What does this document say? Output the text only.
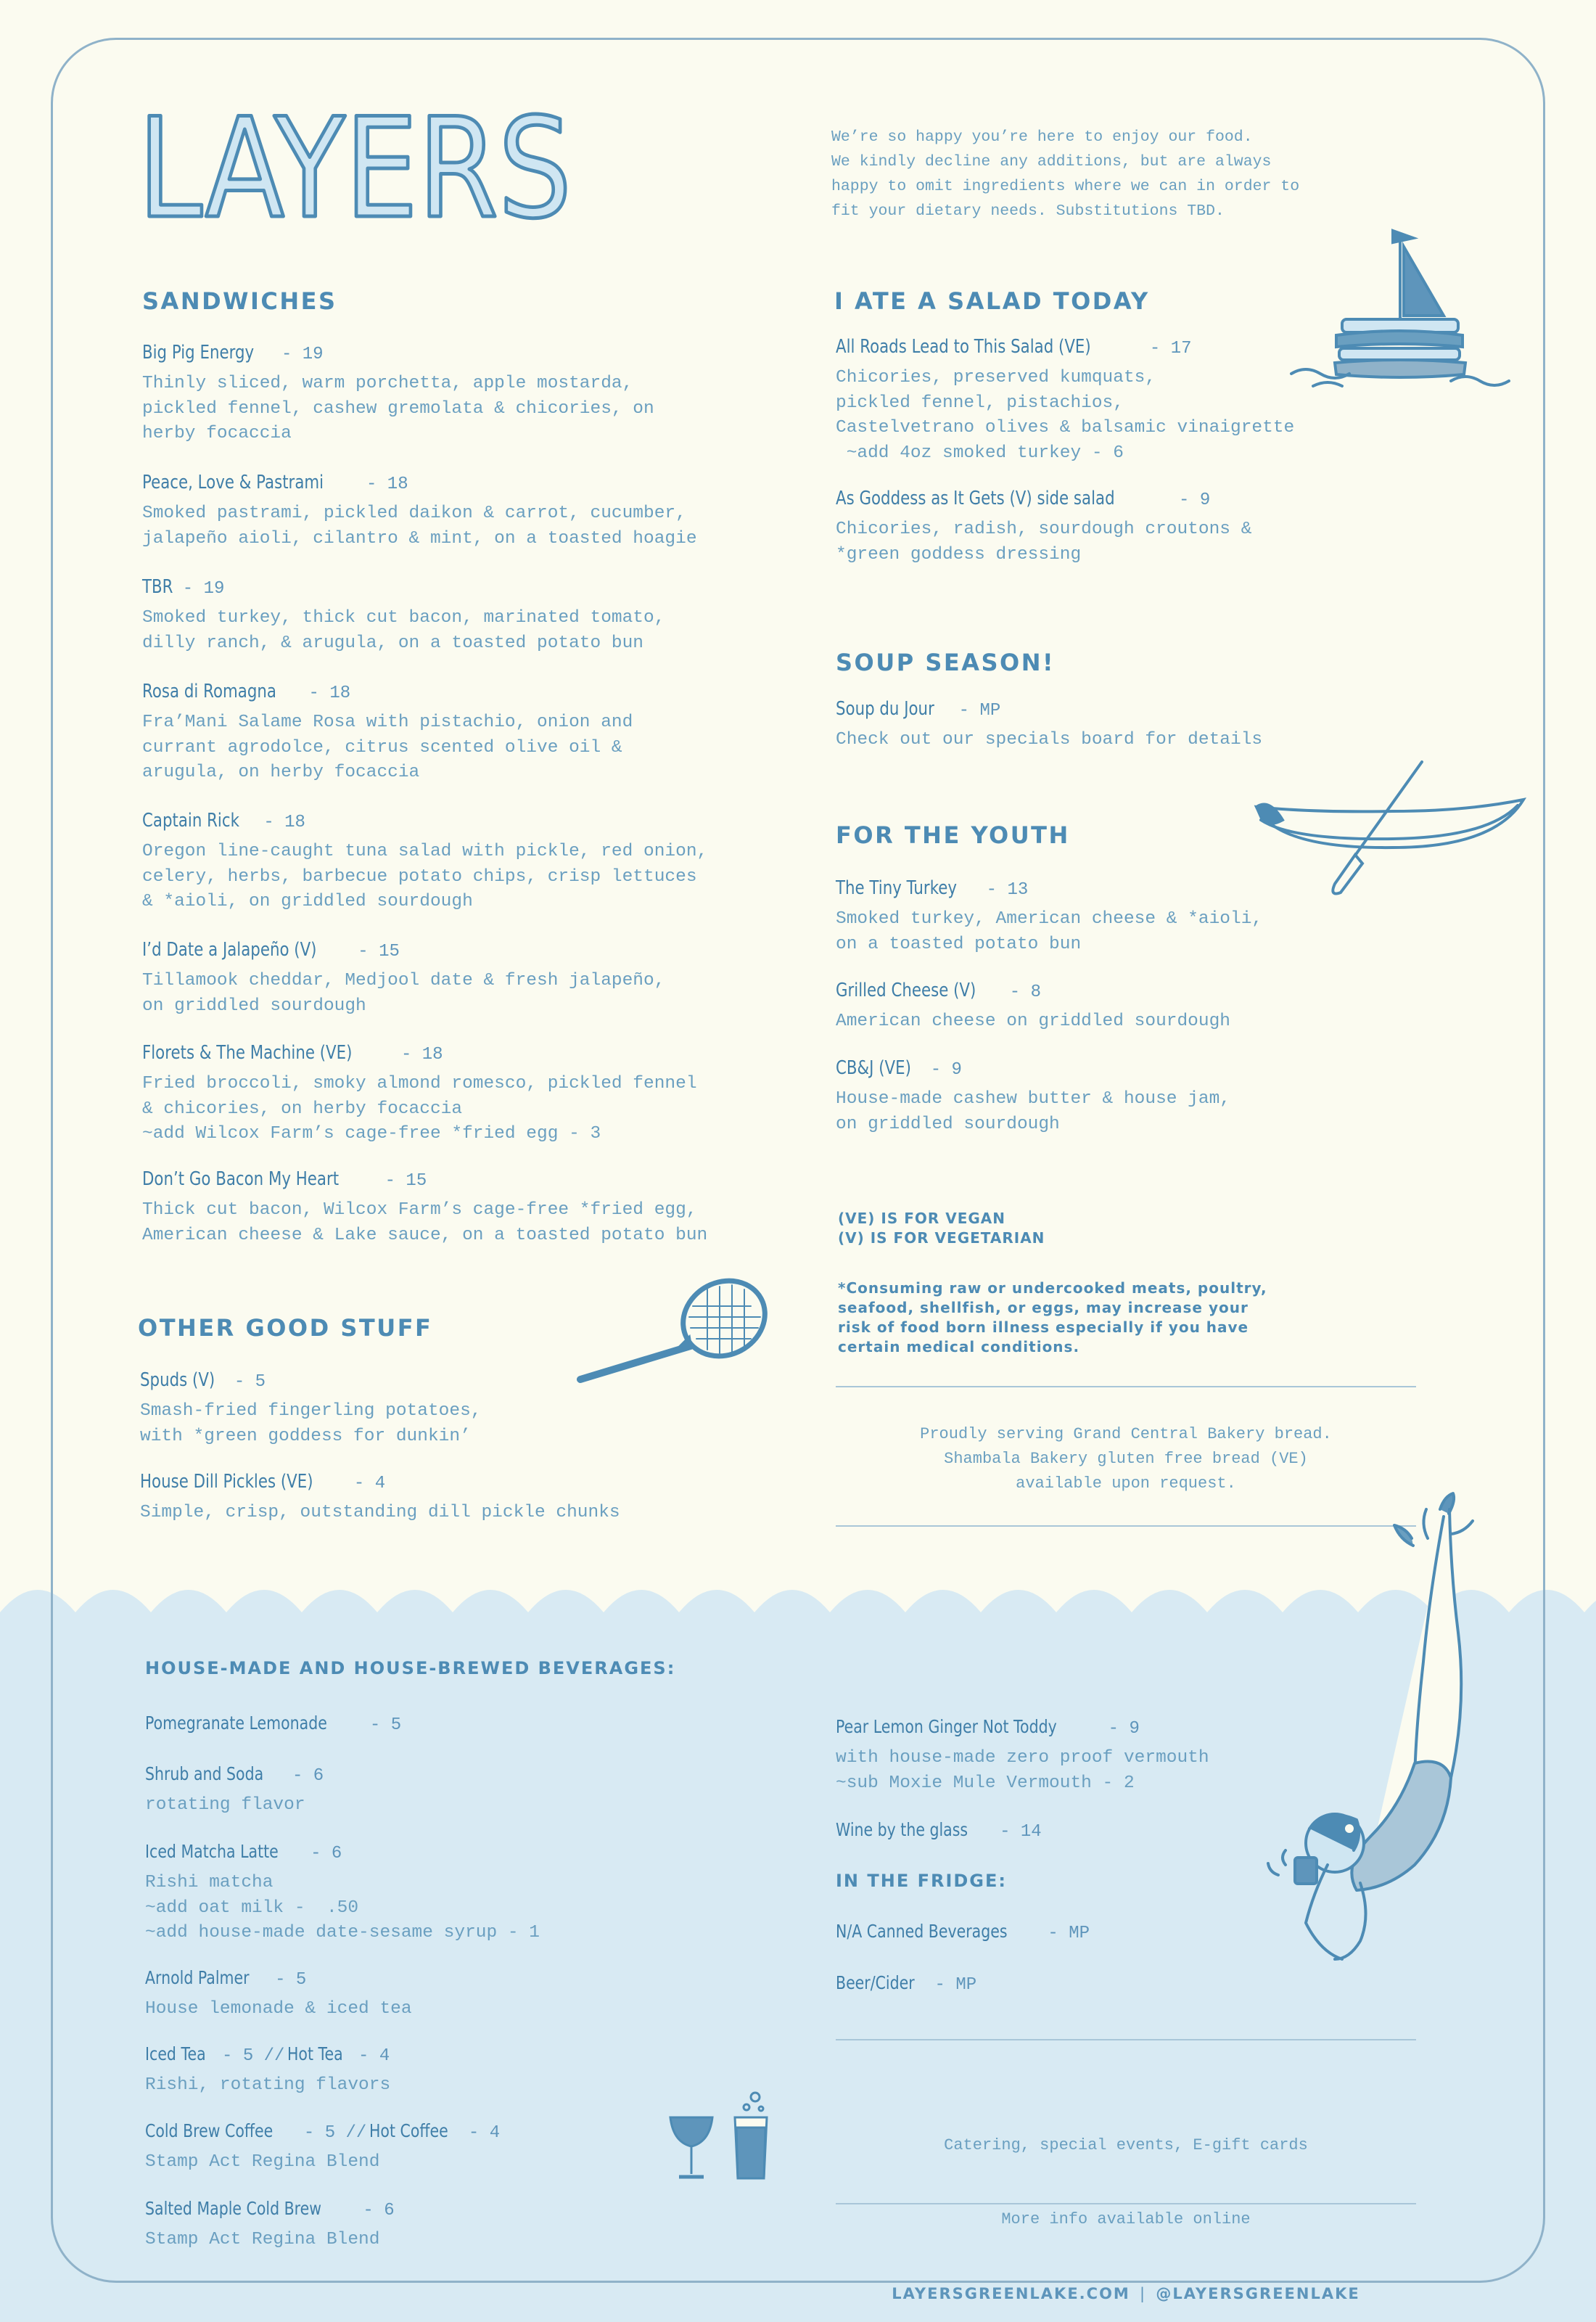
LAYERS	We’re so happy you’re here to enjoy our food.
We kindly decline any additions, but are always
happy to omit ingredients where we can in order to
fit your dietary needs. Substitutions TBD.
SANDWICHES
Big Pig Energy - 19
Thinly sliced, warm porchetta, apple mostarda,
pickled fennel, cashew gremolata & chicories, on
herby focaccia
Peace, Love & Pastrami - 18
Smoked pastrami, pickled daikon & carrot, cucumber,
jalapeño aioli, cilantro & mint, on a toasted hoagie
TBR - 19
Smoked turkey, thick cut bacon, marinated tomato,
dilly ranch, & arugula, on a toasted potato bun
Rosa di Romagna - 18
Fra’Mani Salame Rosa with pistachio, onion and
currant agrodolce, citrus scented olive oil &
arugula, on herby focaccia
Captain Rick - 18
Oregon line-caught tuna salad with pickle, red onion,
celery, herbs, barbecue potato chips, crisp lettuces
& *aioli, on griddled sourdough
I’d Date a Jalapeño (V) - 15
Tillamook cheddar, Medjool date & fresh jalapeño,
on griddled sourdough
Florets & The Machine (VE)	- 18
Fried broccoli, smoky almond romesco, pickled fennel
& chicories, on herby focaccia
~add Wilcox Farm’s cage-free *fried egg - 3
Don’t Go Bacon My Heart	- 15
Thick cut bacon, Wilcox Farm’s cage-free *fried egg,
American cheese & Lake sauce, on a toasted potato bun
OTHER GOOD STUFF
Spuds (V) - 5
Smash-fried fingerling potatoes,
with *green goddess for dunkin’
House Dill Pickles (VE) - 4
Simple, crisp, outstanding dill pickle chunks
I ATE A SALAD TODAY
All Roads Lead to This Salad (VE)	- 17
Chicories, preserved kumquats,
pickled fennel, pistachios,
Castelvetrano olives & balsamic vinaigrette
~add 4oz smoked turkey - 6
As Goddess as It Gets (V) side salad	- 9
Chicories, radish, sourdough croutons &
*green goddess dressing
SOUP SEASON!
Soup du Jour - MP
Check out our specials board for details
FOR THE YOUTH
The Tiny Turkey - 13
Smoked turkey, American cheese & *aioli,
on a toasted potato bun
Grilled Cheese (V) - 8
American cheese on griddled sourdough
CB&J (VE) - 9
House-made cashew butter & house jam,
on griddled sourdough
(VE) IS FOR VEGAN
(V) IS FOR VEGETARIAN
*Consuming raw or undercooked meats, poultry,
seafood, shellfish, or eggs, may increase your
risk of food born illness especially if you have
certain medical conditions.
Proudly serving Grand Central Bakery bread.
Shambala Bakery gluten free bread (VE)
available upon request.
HOUSE-MADE AND HOUSE-BREWED BEVERAGES:
Pomegranate Lemonade - 5
Shrub and Soda - 6
rotating flavor
Iced Matcha Latte - 6
Rishi matcha
~add oat milk -  .50
~add house-made date-sesame syrup - 1
Arnold Palmer - 5
House lemonade & iced tea
Iced Tea - 5 // Hot Tea - 4
Rishi, rotating flavors
Cold Brew Coffee - 5 // Hot Coffee - 4
Stamp Act Regina Blend
Salted Maple Cold Brew - 6
Stamp Act Regina Blend
Pear Lemon Ginger Not Toddy	- 9
with house-made zero proof vermouth
~sub Moxie Mule Vermouth - 2
Wine by the glass - 14
IN THE FRIDGE:
N/A Canned Beverages - MP
Beer/Cider - MP

Catering, special events, E-gift cards

More info available online

LAYERSGREENLAKE.COM | @LAYERSGREENLAKE
